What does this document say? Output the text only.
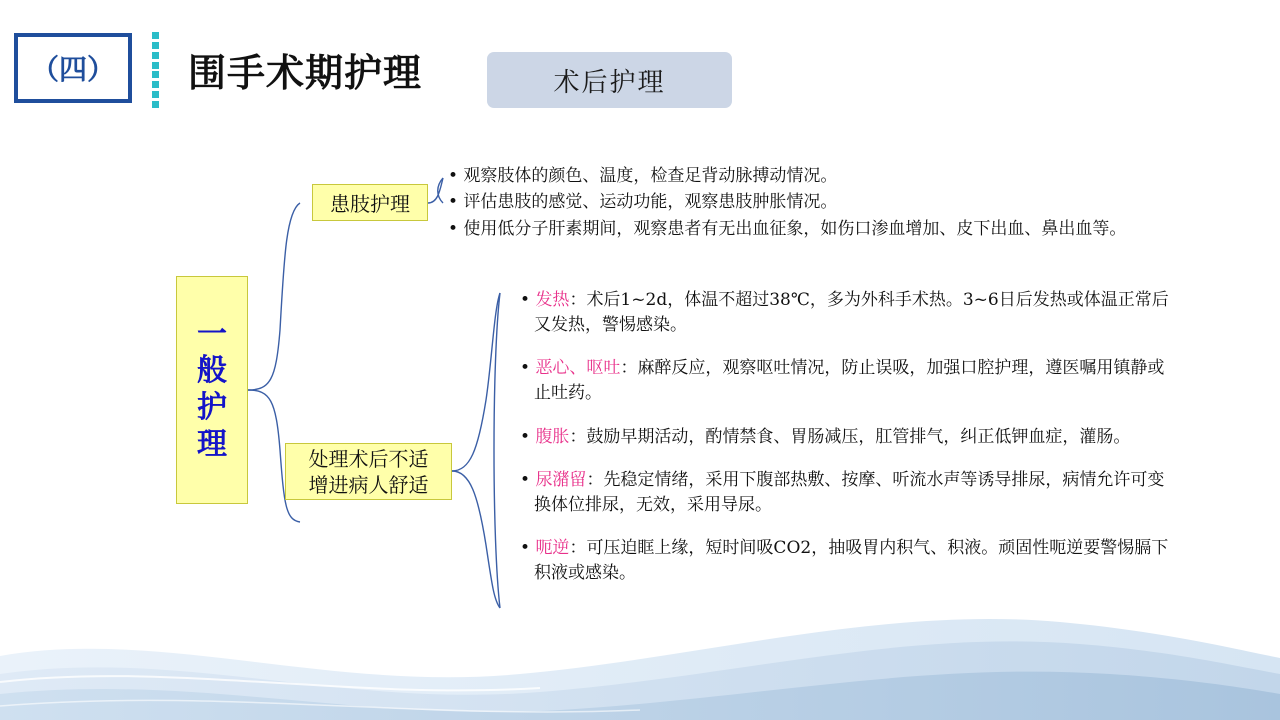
（四） 围手术期护理	术后护理
一
般
护
理
患肢护理
处理术后不适
增进病人舒适

• 观察肢体的颜色、温度，检查足背动脉搏动情况。

• 评估患肢的感觉、运动功能，观察患肢肿胀情况。

• 使用低分子肝素期间，观察患者有无出血征象，如伤口渗血增加、皮下出血、鼻出血等。

• 发热：术后1~2d，体温不超过38℃，多为外科手术热。3~6日后发热或体温正常后又发热，警惕感染。

• 恶心、呕吐：麻醉反应，观察呕吐情况，防止误吸，加强口腔护理，遵医嘱用镇静或止吐药。

• 腹胀：鼓励早期活动，酌情禁食、胃肠减压，肛管排气，纠正低钾血症，灌肠。

• 尿潴留：先稳定情绪，采用下腹部热敷、按摩、听流水声等诱导排尿，病情允许可变换体位排尿，无效，采用导尿。

• 呃逆：可压迫眶上缘，短时间吸CO2，抽吸胃内积气、积液。顽固性呃逆要警惕膈下积液或感染。
